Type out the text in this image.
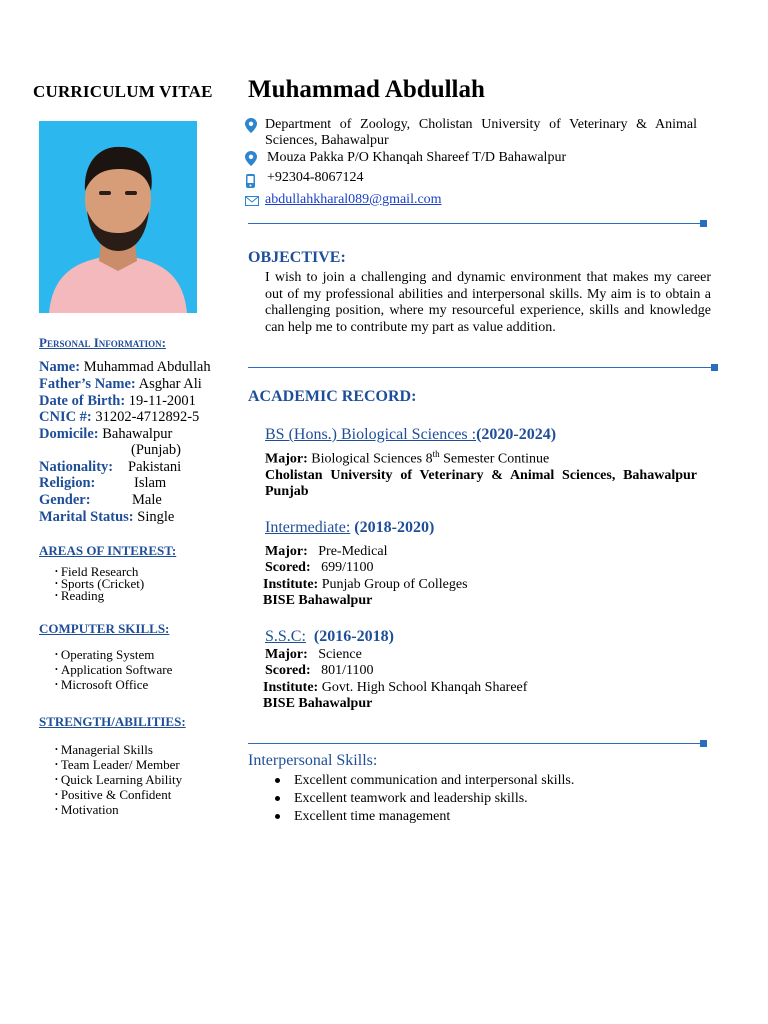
CURRICULUM VITAE Muhammad Abdullah
Department of Zoology, Cholistan University of Veterinary & Animal Sciences, Bahawalpur
Mouza Pakka P/O Khanqah Shareef T/D Bahawalpur
+92304-8067124
abdullahkharal089@gmail.com
OBJECTIVE:
I wish to join a challenging and dynamic environment that makes my career out of my professional abilities and interpersonal skills. My aim is to obtain a challenging position, where my resourceful experience, skills and knowledge can help me to contribute my part as value addition.
ACADEMIC RECORD:
BS (Hons.) Biological Sciences :(2020-2024)
Major: Biological Sciences 8th Semester Continue
Cholistan University of Veterinary & Animal Sciences, Bahawalpur Punjab
Intermediate: (2018-2020)
Major: Pre-Medical
Scored: 699/1100
Institute: Punjab Group of Colleges
BISE Bahawalpur
S.S.C:  (2016-2018)
Major: Science
Scored: 801/1100
Institute: Govt. High School Khanqah Shareef
BISE Bahawalpur
Interpersonal Skills:
Excellent communication and interpersonal skills.
Excellent teamwork and leadership skills.
Excellent time management
Personal Information:
Name: Muhammad Abdullah
Father’s Name: Asghar Ali
Date of Birth: 19-11-2001
CNIC #: 31202-4712892-5
Domicile: Bahawalpur
(Punjab)
Nationality: Pakistani
Religion:	Islam
Gender:	Male
Marital Status: Single
AREAS OF INTEREST:
• Field Research
• Sports (Cricket)
• Reading
COMPUTER SKILLS:
• Operating System
• Application Software
• Microsoft Office
STRENGTH/ABILITIES:
• Managerial Skills
• Team Leader/ Member
• Quick Learning Ability
• Positive & Confident
• Motivation
